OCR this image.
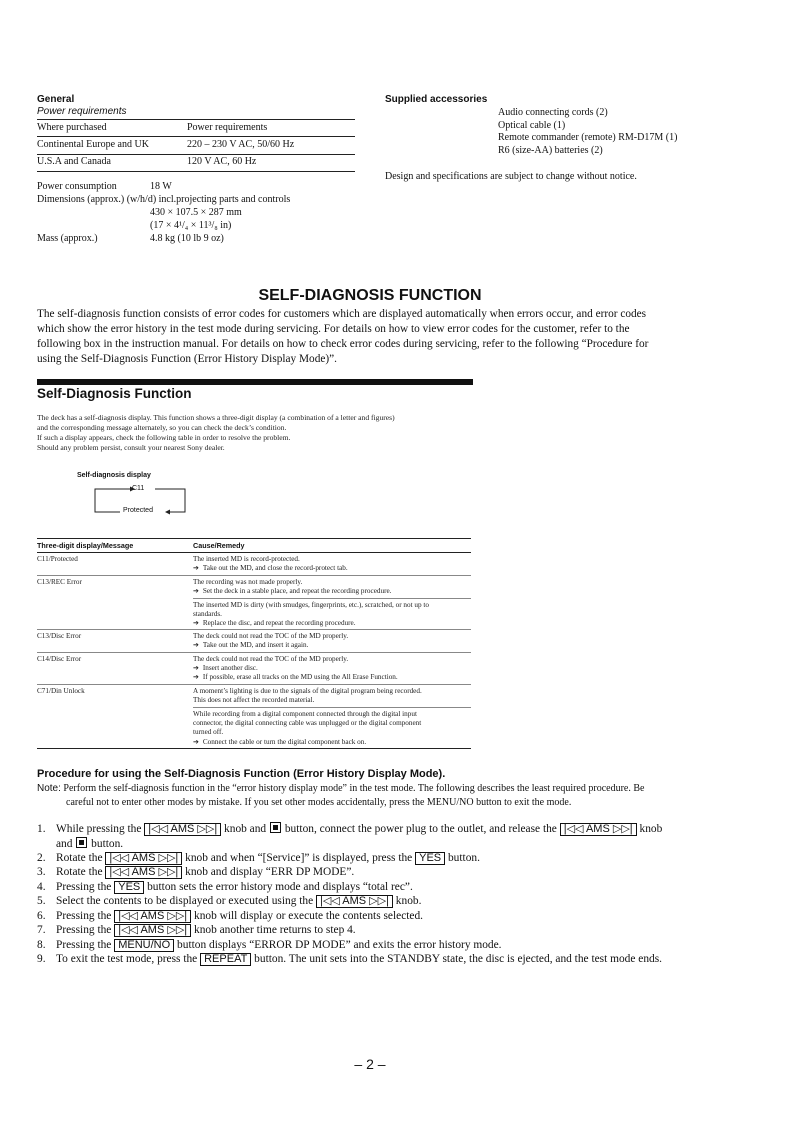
General
Power requirements
Where purchased	Power requirements
Continental Europe and UK	220 – 230 V AC, 50/60 Hz
U.S.A and Canada	120 V AC, 60 Hz
Power consumption	18 W
Dimensions (approx.) (w/h/d) incl.projecting parts and controls
430 × 107.5 × 287 mm
(17 × 4¹/₄ × 11³/₈ in)
Mass (approx.)	4.8 kg (10 lb 9 oz)
Supplied accessories
Audio connecting cords (2)
Optical cable (1)
Remote commander (remote) RM-D17M (1)
R6 (size-AA) batteries (2)
Design and specifications are subject to change without notice.
SELF-DIAGNOSIS FUNCTION
The self-diagnosis function consists of error codes for customers which are displayed automatically when errors occur, and error codes
which show the error history in the test mode during servicing. For details on how to view error codes for the customer, refer to the
following box in the instruction manual. For details on how to check error codes during servicing, refer to the following “Procedure for
using the Self-Diagnosis Function (Error History Display Mode)”.
Self-Diagnosis Function
The deck has a self-diagnosis display. This function shows a three-digit display (a combination of a letter and figures)
and the corresponding message alternately, so you can check the deck’s condition.
If such a display appears, check the following table in order to resolve the problem.
Should any problem persist, consult your nearest Sony dealer.
Self-diagnosis display
C11
Protected
Three-digit display/Message	Cause/Remedy
C11/Protected	The inserted MD is record-protected.
➔ Take out the MD, and close the record-protect tab.
C13/REC Error	The recording was not made properly.
➔ Set the deck in a stable place, and repeat the recording procedure.
The inserted MD is dirty (with smudges, fingerprints, etc.), scratched, or not up to
standards.
➔ Replace the disc, and repeat the recording procedure.
C13/Disc Error	The deck could not read the TOC of the MD properly.
➔ Take out the MD, and insert it again.
C14/Disc Error	The deck could not read the TOC of the MD properly.
➔ Insert another disc.
➔ If possible, erase all tracks on the MD using the All Erase Function.
C71/Din Unlock	A moment’s lighting is due to the signals of the digital program being recorded.
This does not affect the recorded material.
While recording from a digital component connected through the digital input
connector, the digital connecting cable was unplugged or the digital component
turned off.
➔ Connect the cable or turn the digital component back on.
Procedure for using the Self-Diagnosis Function (Error History Display Mode).
Note: Perform the self-diagnosis function in the “error history display mode” in the test mode. The following describes the least required procedure. Be
careful not to enter other modes by mistake. If you set other modes accidentally, press the MENU/NO button to exit the mode.
1. While pressing the |◁◁ AMS ▷▷| knob and button, connect the power plug to the outlet, and release the |◁◁ AMS ▷▷| knob
and button.
2. Rotate the |◁◁ AMS ▷▷| knob and when “[Service]” is displayed, press the YES button.
3. Rotate the |◁◁ AMS ▷▷| knob and display “ERR DP MODE”.
4. Pressing the YES button sets the error history mode and displays “total rec”.
5. Select the contents to be displayed or executed using the |◁◁ AMS ▷▷| knob.
6. Pressing the |◁◁ AMS ▷▷| knob will display or execute the contents selected.
7. Pressing the |◁◁ AMS ▷▷| knob another time returns to step 4.
8. Pressing the MENU/NO button displays “ERROR DP MODE” and exits the error history mode.
9. To exit the test mode, press the REPEAT button. The unit sets into the STANDBY state, the disc is ejected, and the test mode ends.
– 2 –
